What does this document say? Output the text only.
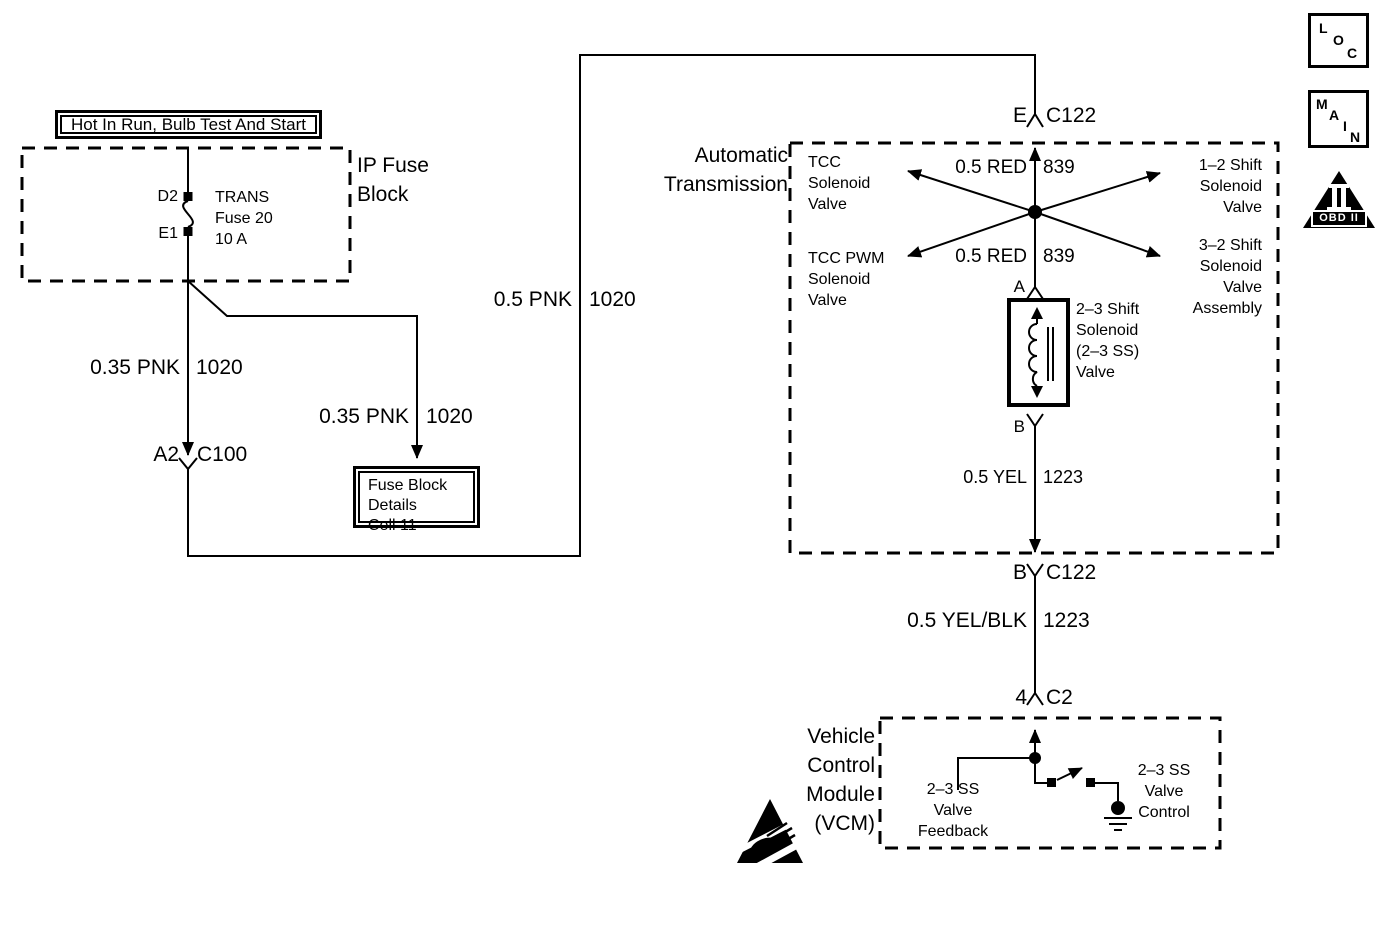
Hot In Run, Bulb Test And Start
IP Fuse
Block
D2
E1
TRANS
Fuse 20
10 A
0.35 PNK 1020
0.35 PNK 1020
0.5 PNK 1020
A2 C100
E C122
Automatic
Transmission
0.5 RED 839
0.5 RED 839
TCC
Solenoid
Valve
TCC PWM
Solenoid
Valve
1–2 Shift
Solenoid
Valve
3–2 Shift
Solenoid
Valve
Assembly
A
2–3 Shift
Solenoid
(2–3 SS)
Valve
B
0.5 YEL 1223
B C122
0.5 YEL/BLK 1223
4 C2
Vehicle
Control
Module
(VCM)
2–3 SS
Valve
Feedback
2–3 SS
Valve
Control
Fuse Block
Details
Cell 11
L
O
C
M
A
I
N
OBD II
